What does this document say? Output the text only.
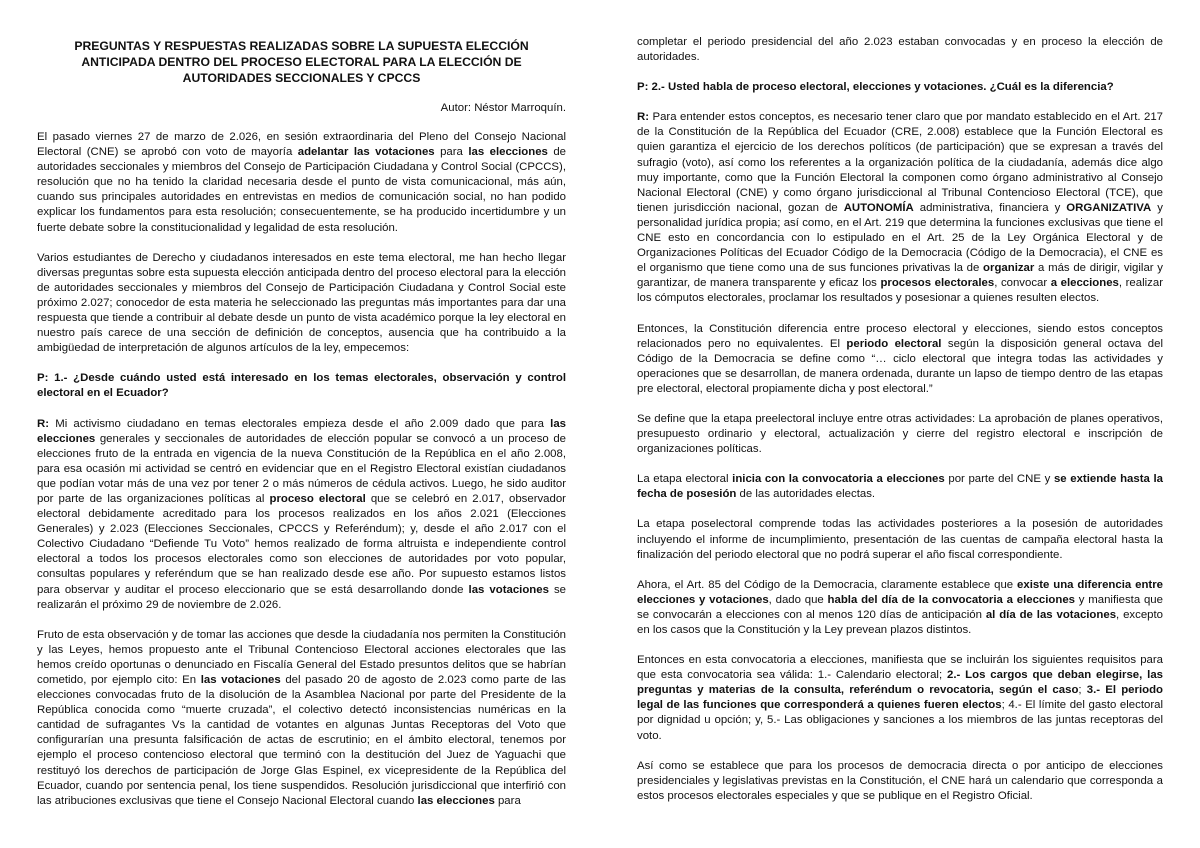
PREGUNTAS Y RESPUESTAS REALIZADAS SOBRE LA SUPUESTA ELECCIÓN ANTICIPADA DENTRO DEL PROCESO ELECTORAL PARA LA ELECCIÓN DE AUTORIDADES SECCIONALES Y CPCCS
Autor: Néstor Marroquín.

El pasado viernes 27 de marzo de 2.026, en sesión extraordinaria del Pleno del Consejo Nacional Electoral (CNE) se aprobó con voto de mayoría adelantar las votaciones para las elecciones de autoridades seccionales y miembros del Consejo de Participación Ciudadana y Control Social (CPCCS), resolución que no ha tenido la claridad necesaria desde el punto de vista comunicacional, más aún, cuando sus principales autoridades en entrevistas en medios de comunicación social, no han podido explicar los fundamentos para esta resolución; consecuentemente, se ha producido incertidumbre y un fuerte debate sobre la constitucionalidad y legalidad de esta resolución.

Varios estudiantes de Derecho y ciudadanos interesados en este tema electoral, me han hecho llegar diversas preguntas sobre esta supuesta elección anticipada dentro del proceso electoral para la elección de autoridades seccionales y miembros del Consejo de Participación Ciudadana y Control Social este próximo 2.027; conocedor de esta materia he seleccionado las preguntas más importantes para dar una respuesta que tiende a contribuir al debate desde un punto de vista académico porque la ley electoral en nuestro país carece de una sección de definición de conceptos, ausencia que ha contribuido a la ambigüedad de interpretación de algunos artículos de la ley, empecemos:

P: 1.- ¿Desde cuándo usted está interesado en los temas electorales, observación y control electoral en el Ecuador?

R: Mi activismo ciudadano en temas electorales empieza desde el año 2.009 dado que para las elecciones generales y seccionales de autoridades de elección popular se convocó a un proceso de elecciones fruto de la entrada en vigencia de la nueva Constitución de la República en el año 2.008, para esa ocasión mi actividad se centró en evidenciar que en el Registro Electoral existían ciudadanos que podían votar más de una vez por tener 2 o más números de cédula activos. Luego, he sido auditor por parte de las organizaciones políticas al proceso electoral que se celebró en 2.017, observador electoral debidamente acreditado para los procesos realizados en los años 2.021 (Elecciones Generales) y 2.023 (Elecciones Seccionales, CPCCS y Referéndum); y, desde el año 2.017 con el Colectivo Ciudadano “Defiende Tu Voto” hemos realizado de forma altruista e independiente control electoral a todos los procesos electorales como son elecciones de autoridades por voto popular, consultas populares y referéndum que se han realizado desde ese año. Por supuesto estamos listos para observar y auditar el proceso eleccionario que se está desarrollando donde las votaciones se realizarán el próximo 29 de noviembre de 2.026.

Fruto de esta observación y de tomar las acciones que desde la ciudadanía nos permiten la Constitución y las Leyes, hemos propuesto ante el Tribunal Contencioso Electoral acciones electorales que las hemos creído oportunas o denunciado en Fiscalía General del Estado presuntos delitos que se habrían cometido, por ejemplo cito: En las votaciones del pasado 20 de agosto de 2.023 como parte de las elecciones convocadas fruto de la disolución de la Asamblea Nacional por parte del Presidente de la República conocida como “muerte cruzada”, el colectivo detectó inconsistencias numéricas en la cantidad de sufragantes Vs la cantidad de votantes en algunas Juntas Receptoras del Voto que configurarían una presunta falsificación de actas de escrutinio; en el ámbito electoral, tenemos por ejemplo el proceso contencioso electoral que terminó con la destitución del Juez de Yaguachi que restituyó los derechos de participación de Jorge Glas Espinel, ex vicepresidente de la República del Ecuador, cuando por sentencia penal, los tiene suspendidos. Resolución jurisdiccional que interfirió con las atribuciones exclusivas que tiene el Consejo Nacional Electoral cuando las elecciones para

completar el periodo presidencial del año 2.023 estaban convocadas y en proceso la elección de autoridades.

P: 2.- Usted habla de proceso electoral, elecciones y votaciones. ¿Cuál es la diferencia?

R: Para entender estos conceptos, es necesario tener claro que por mandato establecido en el Art. 217 de la Constitución de la República del Ecuador (CRE, 2.008) establece que la Función Electoral es quien garantiza el ejercicio de los derechos políticos (de participación) que se expresan a través del sufragio (voto), así como los referentes a la organización política de la ciudadanía, además dice algo muy importante, como que la Función Electoral la componen como órgano administrativo al Consejo Nacional Electoral (CNE) y como órgano jurisdiccional al Tribunal Contencioso Electoral (TCE), que tienen jurisdicción nacional, gozan de AUTONOMÍA administrativa, financiera y ORGANIZATIVA y personalidad jurídica propia; así como, en el Art. 219 que determina la funciones exclusivas que tiene el CNE esto en concordancia con lo estipulado en el Art. 25 de la Ley Orgánica Electoral y de Organizaciones Políticas del Ecuador Código de la Democracia (Código de la Democracia), el CNE es el organismo que tiene como una de sus funciones privativas la de organizar a más de dirigir, vigilar y garantizar, de manera transparente y eficaz los procesos electorales, convocar a elecciones, realizar los cómputos electorales, proclamar los resultados y posesionar a quienes resulten electos.

Entonces, la Constitución diferencia entre proceso electoral y elecciones, siendo estos conceptos relacionados pero no equivalentes. El periodo electoral según la disposición general octava del Código de la Democracia se define como “… ciclo electoral que integra todas las actividades y operaciones que se desarrollan, de manera ordenada, durante un lapso de tiempo dentro de las etapas pre electoral, electoral propiamente dicha y post electoral.”

Se define que la etapa preelectoral incluye entre otras actividades: La aprobación de planes operativos, presupuesto ordinario y electoral, actualización y cierre del registro electoral e inscripción de organizaciones políticas.

La etapa electoral inicia con la convocatoria a elecciones por parte del CNE y se extiende hasta la fecha de posesión de las autoridades electas.

La etapa poselectoral comprende todas las actividades posteriores a la posesión de autoridades incluyendo el informe de incumplimiento, presentación de las cuentas de campaña electoral hasta la finalización del periodo electoral que no podrá superar el año fiscal correspondiente.

Ahora, el Art. 85 del Código de la Democracia, claramente establece que existe una diferencia entre elecciones y votaciones, dado que habla del día de la convocatoria a elecciones y manifiesta que se convocarán a elecciones con al menos 120 días de anticipación al día de las votaciones, excepto en los casos que la Constitución y la Ley prevean plazos distintos.

Entonces en esta convocatoria a elecciones, manifiesta que se incluirán los siguientes requisitos para que esta convocatoria sea válida: 1.- Calendario electoral; 2.- Los cargos que deban elegirse, las preguntas y materias de la consulta, referéndum o revocatoria, según el caso; 3.- El periodo legal de las funciones que corresponderá a quienes fueren electos; 4.- El límite del gasto electoral por dignidad u opción; y, 5.- Las obligaciones y sanciones a los miembros de las juntas receptoras del voto.

Así como se establece que para los procesos de democracia directa o por anticipo de elecciones presidenciales y legislativas previstas en la Constitución, el CNE hará un calendario que corresponda a estos procesos electorales especiales y que se publique en el Registro Oficial.
